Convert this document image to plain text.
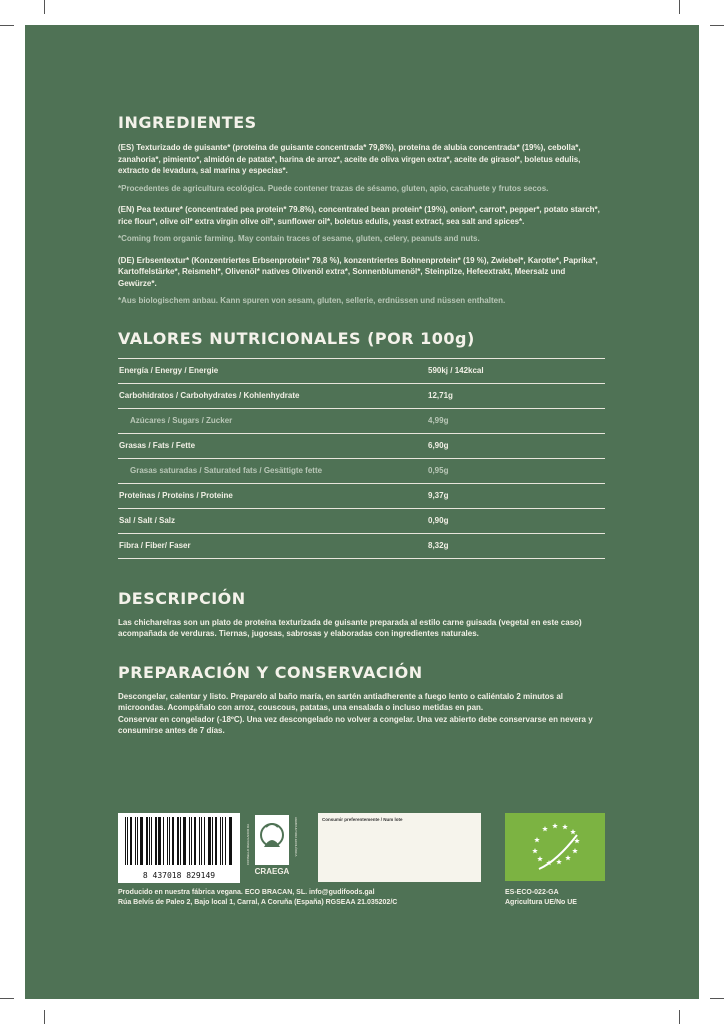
INGREDIENTES

(ES) Texturizado de guisante* (proteína de guisante concentrada* 79,8%), proteína de alubia concentrada* (19%), cebolla*, zanahoria*, pimiento*, almidón de patata*, harina de arroz*, aceite de oliva virgen extra*, aceite de girasol*, boletus edulis, extracto de levadura, sal marina y especias*.

*Procedentes de agricultura ecológica. Puede contener trazas de sésamo, gluten, apio, cacahuete y frutos secos.

(EN) Pea texture* (concentrated pea protein* 79.8%), concentrated bean protein* (19%), onion*, carrot*, pepper*, potato starch*, rice flour*, olive oil* extra virgin olive oil*, sunflower oil*, boletus edulis, yeast extract, sea salt and spices*.

*Coming from organic farming. May contain traces of sesame, gluten, celery, peanuts and nuts.

(DE) Erbsentextur* (Konzentriertes Erbsenprotein* 79,8 %), konzentriertes Bohnenprotein* (19 %), Zwiebel*, Karotte*, Paprika*, Kartoffelstärke*, Reismehl*, Olivenöl* natives Olivenöl extra*, Sonnenblumenöl*, Steinpilze, Hefeextrakt, Meersalz und Gewürze*.

*Aus biologischem anbau. Kann spuren von sesam, gluten, sellerie, erdnüssen und nüssen enthalten.

VALORES NUTRICIONALES (POR 100g)
Energía / Energy / Energie	590kj / 142kcal
Carbohidratos / Carbohydrates / Kohlenhydrate	12,71g
Azúcares / Sugars / Zucker	4,99g
Grasas / Fats / Fette	6,90g
Grasas saturadas / Saturated fats / Gesättigte fette	0,95g
Proteínas / Proteins / Proteine	9,37g
Sal / Salt / Salz	0,90g
Fibra / Fiber/ Faser	8,32g
DESCRIPCIÓN

Las chicharelras son un plato de proteína texturizada de guisante preparada al estilo carne guisada (vegetal en este caso) acompañada de verduras. Tiernas, jugosas, sabrosas y elaboradas con ingredientes naturales.

PREPARACIÓN Y CONSERVACIÓN

Descongelar, calentar y listo. Preparelo al baño maría, en sartén antiadherente a fuego lento o caliéntalo 2 minutos al microondas. Acompáñalo con arroz, couscous, patatas, una ensalada o incluso metidas en pan.

Conservar en congelador (-18ºC). Una vez descongelado no volver a congelar. Una vez abierto debe conservarse en nevera y consumirse antes de 7 días.

8 437018 829149
CONSELLO REGULADOR DA	AGRICULTURA ECOLÓXICA
CRAEGA
Consumir preferentemente / Num lote
Producido en nuestra fábrica vegana. ECO BRACAN, SL. info@gudifoods.gal
Rúa Belvís de Paleo 2, Bajo local 1, Carral, A Coruña (España) RGSEAA 21.035202/C
ES-ECO-022-GA
Agricultura UE/No UE
